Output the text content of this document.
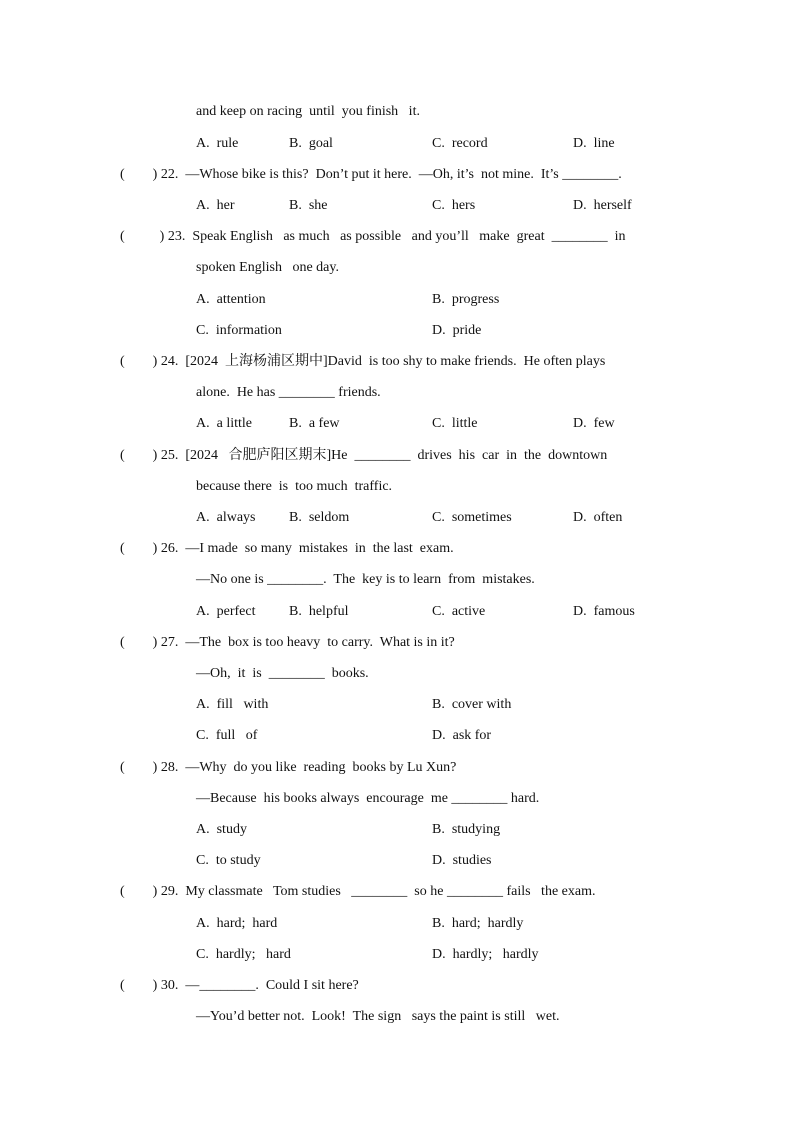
and keep on racing  until  you finish   it.
A.  rule	B.  goal	C.  record	D.  line
(        ) 22.  —Whose bike is this?  Don’t put it here.  —Oh, it’s  not mine.  It’s ________.
A.  her	B.  she	C.  hers	D.  herself
(          ) 23.  Speak English   as much   as possible   and you’ll   make  great  ________  in
spoken English   one day.
A.  attention	B.  progress
C.  information	D.  pride
(        ) 24.  [2024  上海杨浦区期中]David  is too shy to make friends.  He often plays
alone.  He has ________ friends.
A.  a little	B.  a few	C.  little	D.  few
(        ) 25.  [2024   合肥庐阳区期末]He  ________  drives  his  car  in  the  downtown
because there  is  too much  traffic.
A.  always B.  seldom	C.  sometimes	D.  often
(        ) 26.  —I made  so many  mistakes  in  the last  exam.
—No one is ________.  The  key is to learn  from  mistakes.
A.  perfect B.  helpful	C.  active	D.  famous
(        ) 27.  —The  box is too heavy  to carry.  What is in it?
—Oh,  it  is  ________  books.
A.  fill   with	B.  cover with
C.  full   of	D.  ask for
(        ) 28.  —Why  do you like  reading  books by Lu Xun?
—Because  his books always  encourage  me ________ hard.
A.  study	B.  studying
C.  to study	D.  studies
(        ) 29.  My classmate   Tom studies   ________  so he ________ fails   the exam.
A.  hard;  hard	B.  hard;  hardly
C.  hardly;   hard	D.  hardly;   hardly
(        ) 30.  —________.  Could I sit here?
—You’d better not.  Look!  The sign   says the paint is still   wet.
